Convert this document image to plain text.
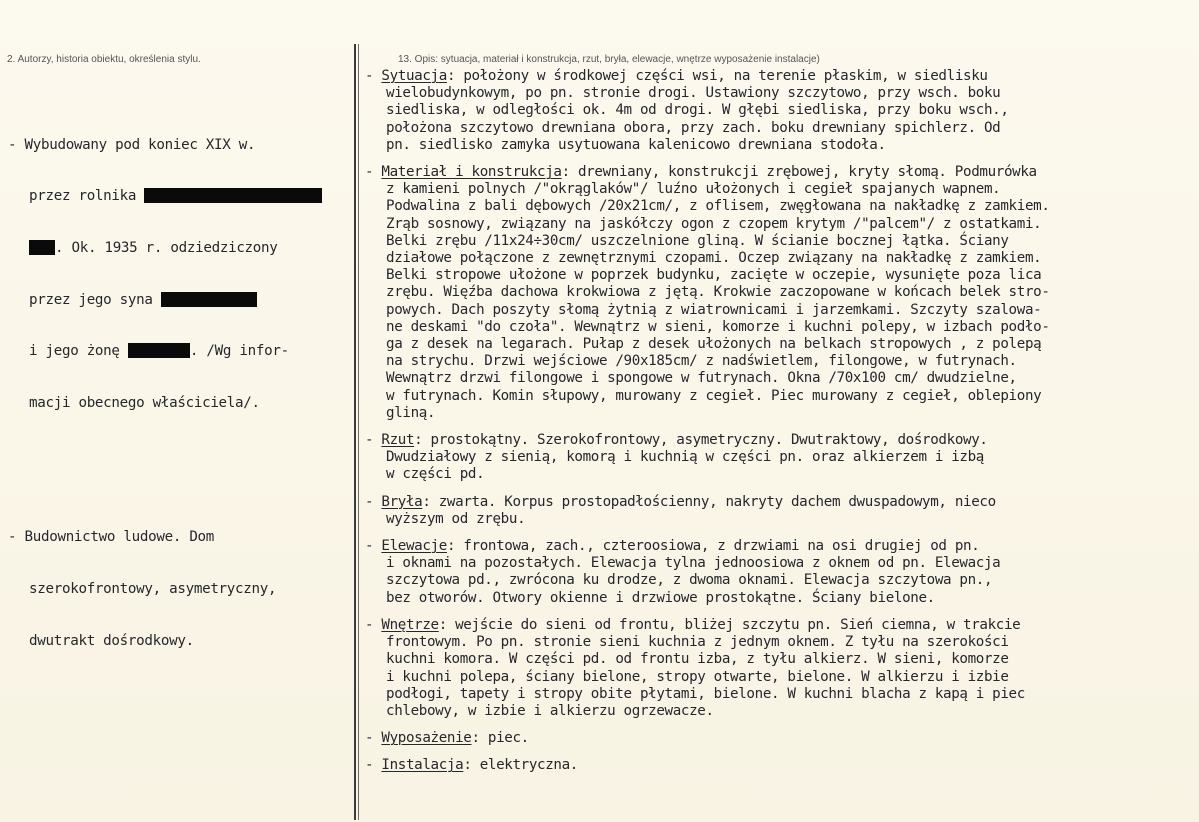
2. Autorzy, historia obiektu, określenia stylu.	13. Opis: sytuacja, materiał i konstrukcja, rzut, bryła, elewacje, wnętrze wyposażenie instalacje)

- Wybudowany pod koniec XIX w.

przez rolnika

. Ok. 1935 r. odziedziczony

przez jego syna

i jego żonę	. /Wg infor-

macji obecnego właściciela/.

- Budownictwo ludowe. Dom

szerokofrontowy, asymetryczny,

dwutrakt dośrodkowy.

- Sytuacja: położony w środkowej części wsi, na terenie płaskim, w siedlisku
wielobudynkowym, po pn. stronie drogi. Ustawiony szczytowo, przy wsch. boku
siedliska, w odległości ok. 4m od drogi. W głębi siedliska, przy boku wsch.,
położona szczytowo drewniana obora, przy zach. boku drewniany spichlerz. Od
pn. siedlisko zamyka usytuowana kalenicowo drewniana stodoła.
- Materiał i konstrukcja: drewniany, konstrukcji zrębowej, kryty słomą. Podmurówka
z kamieni polnych /"okrąglaków"/ luźno ułożonych i cegieł spajanych wapnem.
Podwalina z bali dębowych /20x21cm/, z oflisem, zwęgłowana na nakładkę z zamkiem.
Zrąb sosnowy, związany na jaskółczy ogon z czopem krytym /"palcem"/ z ostatkami.
Belki zrębu /11x24÷30cm/ uszczelnione gliną. W ścianie bocznej łątka. Ściany
działowe połączone z zewnętrznymi czopami. Oczep związany na nakładkę z zamkiem.
Belki stropowe ułożone w poprzek budynku, zacięte w oczepie, wysunięte poza lica
zrębu. Więźba dachowa krokwiowa z jętą. Krokwie zaczopowane w końcach belek stro-
powych. Dach poszyty słomą żytnią z wiatrownicami i jarzemkami. Szczyty szalowa-
ne deskami "do czoła". Wewnątrz w sieni, komorze i kuchni polepy, w izbach podło-
ga z desek na legarach. Pułap z desek ułożonych na belkach stropowych , z polepą
na strychu. Drzwi wejściowe /90x185cm/ z nadświetlem, filongowe, w futrynach.
Wewnątrz drzwi filongowe i spongowe w futrynach. Okna /70x100 cm/ dwudzielne,
w futrynach. Komin słupowy, murowany z cegieł. Piec murowany z cegieł, oblepiony
gliną.
- Rzut: prostokątny. Szerokofrontowy, asymetryczny. Dwutraktowy, dośrodkowy.
Dwudziałowy z sienią, komorą i kuchnią w części pn. oraz alkierzem i izbą
w części pd.
- Bryła: zwarta. Korpus prostopadłościenny, nakryty dachem dwuspadowym, nieco
wyższym od zrębu.
- Elewacje: frontowa, zach., czteroosiowa, z drzwiami na osi drugiej od pn.
i oknami na pozostałych. Elewacja tylna jednoosiowa z oknem od pn. Elewacja
szczytowa pd., zwrócona ku drodze, z dwoma oknami. Elewacja szczytowa pn.,
bez otworów. Otwory okienne i drzwiowe prostokątne. Ściany bielone.
- Wnętrze: wejście do sieni od frontu, bliżej szczytu pn. Sień ciemna, w trakcie
frontowym. Po pn. stronie sieni kuchnia z jednym oknem. Z tyłu na szerokości
kuchni komora. W części pd. od frontu izba, z tyłu alkierz. W sieni, komorze
i kuchni polepa, ściany bielone, stropy otwarte, bielone. W alkierzu i izbie
podłogi, tapety i stropy obite płytami, bielone. W kuchni blacha z kapą i piec
chlebowy, w izbie i alkierzu ogrzewacze.
- Wyposażenie: piec.
- Instalacja: elektryczna.
